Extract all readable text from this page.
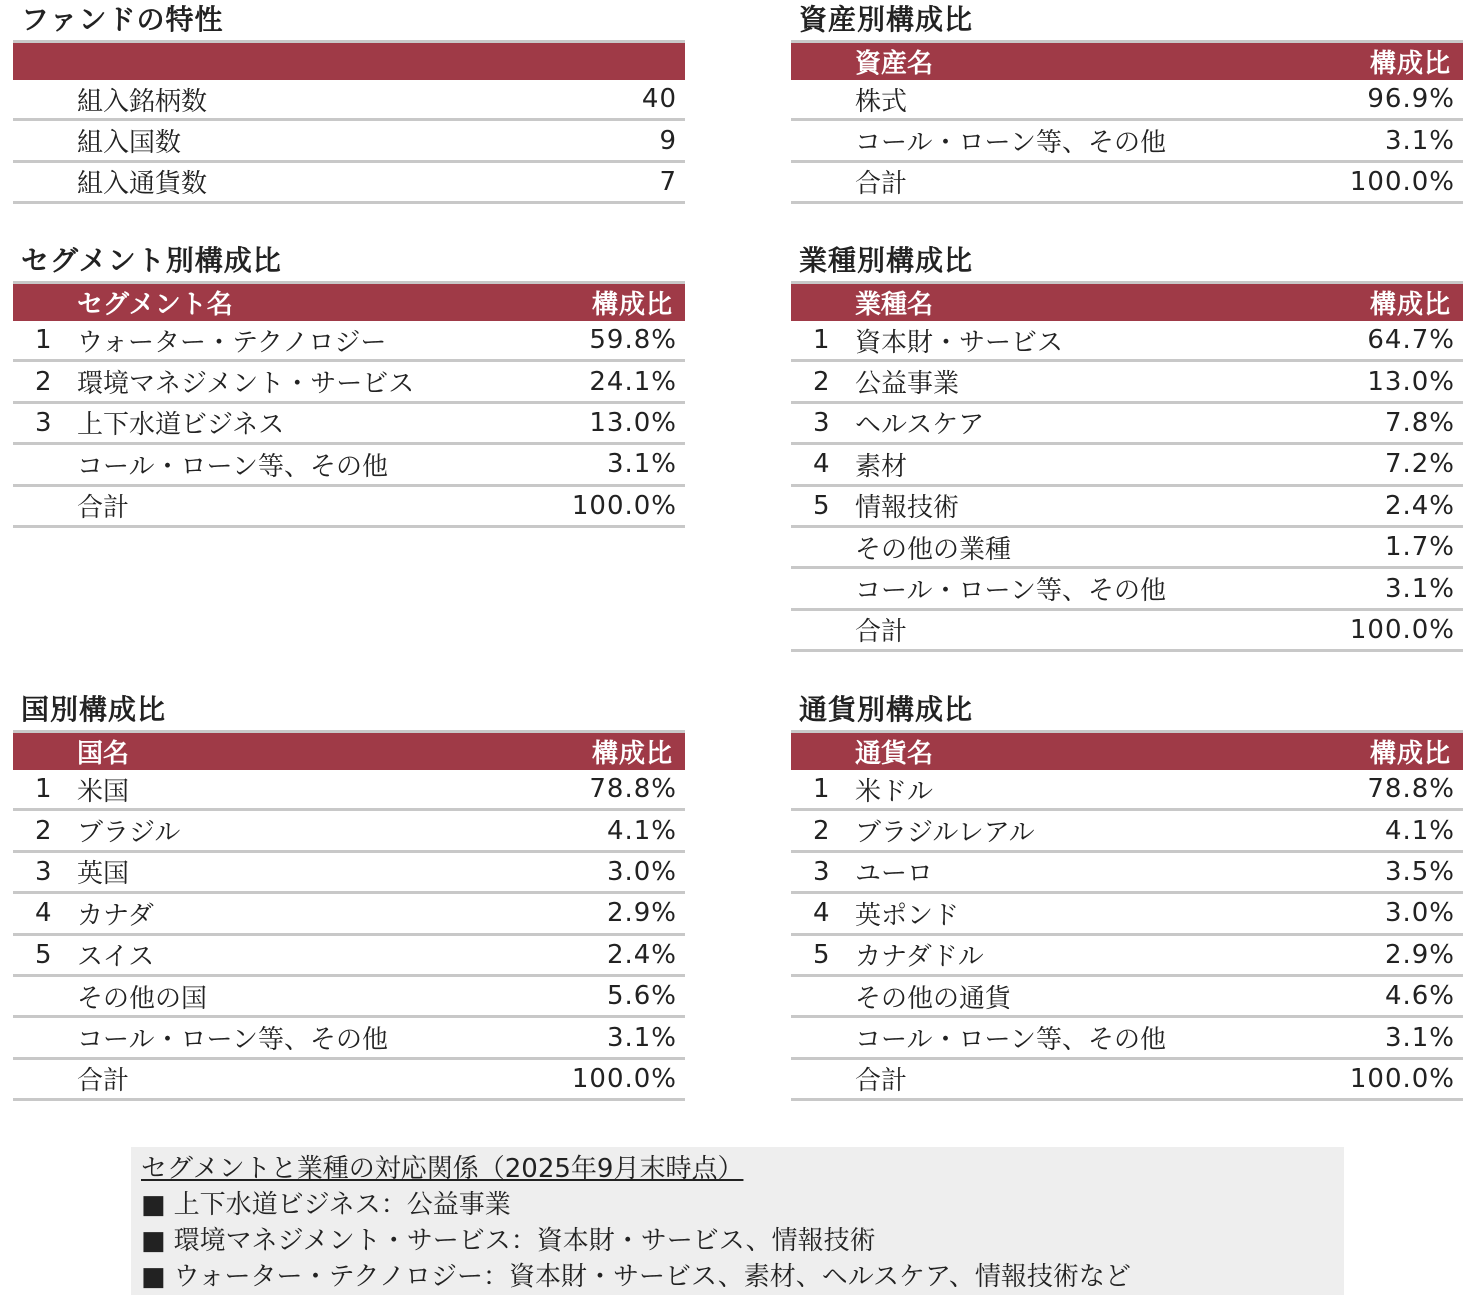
ファンドの特性
組入銘柄数	40
組入国数	9
組入通貨数	7
資産別構成比
資産名	構成比
株式	96.9%
コール・ローン等、その他	3.1%
合計	100.0%
セグメント別構成比
セグメント名	構成比
1 ウォーター・テクノロジー	59.8%
2 環境マネジメント・サービス	24.1%
3 上下水道ビジネス	13.0%
コール・ローン等、その他	3.1%
合計	100.0%
業種別構成比
業種名	構成比
1 資本財・サービス	64.7%
2 公益事業	13.0%
3 ヘルスケア	7.8%
4 素材	7.2%
5 情報技術	2.4%
その他の業種	1.7%
コール・ローン等、その他	3.1%
合計	100.0%
国別構成比
国名	構成比
1 米国	78.8%
2 ブラジル	4.1%
3 英国	3.0%
4 カナダ	2.9%
5 スイス	2.4%
その他の国	5.6%
コール・ローン等、その他	3.1%
合計	100.0%
通貨別構成比
通貨名	構成比
1 米ドル	78.8%
2 ブラジルレアル	4.1%
3 ユーロ	3.5%
4 英ポンド	3.0%
5 カナダドル	2.9%
その他の通貨	4.6%
コール・ローン等、その他	3.1%
合計	100.0%
セグメントと業種の対応関係（2025年9月末時点）
■ 上下水道ビジネス：公益事業
■ 環境マネジメント・サービス：資本財・サービス、情報技術
■ ウォーター・テクノロジー：資本財・サービス、素材、ヘルスケア、情報技術など
